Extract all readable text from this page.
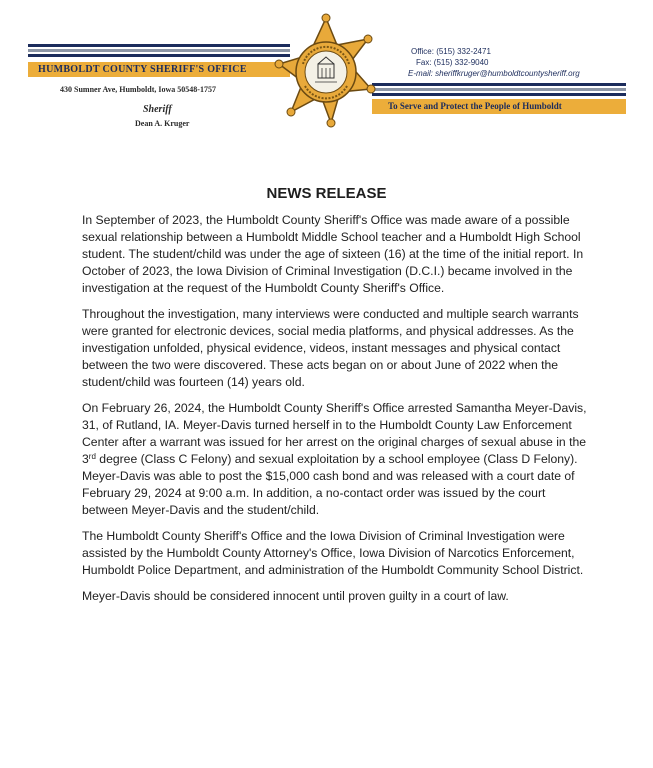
HUMBOLDT COUNTY SHERIFF'S OFFICE
430 Sumner Ave, Humboldt, Iowa 50548-1757
Sheriff
Dean A. Kruger
Office: (515) 332-2471
Fax: (515) 332-9040
E-mail: sheriffkruger@humboldtcountysheriff.org
To Serve and Protect the People of Humboldt
NEWS RELEASE

In September of 2023, the Humboldt County Sheriff's Office was made aware of a possible sexual relationship between a Humboldt Middle School teacher and a Humboldt High School student. The student/child was under the age of sixteen (16) at the time of the initial report. In October of 2023, the Iowa Division of Criminal Investigation (D.C.I.) became involved in the investigation at the request of the Humboldt County Sheriff's Office.

Throughout the investigation, many interviews were conducted and multiple search warrants were granted for electronic devices, social media platforms, and physical addresses. As the investigation unfolded, physical evidence, videos, instant messages and physical contact between the two were discovered. These acts began on or about June of 2022 when the student/child was fourteen (14) years old.

On February 26, 2024, the Humboldt County Sheriff's Office arrested Samantha Meyer-Davis, 31, of Rutland, IA. Meyer-Davis turned herself in to the Humboldt County Law Enforcement Center after a warrant was issued for her arrest on the original charges of sexual abuse in the 3rd degree (Class C Felony) and sexual exploitation by a school employee (Class D Felony). Meyer-Davis was able to post the $15,000 cash bond and was released with a court date of February 29, 2024 at 9:00 a.m. In addition, a no-contact order was issued by the court between Meyer-Davis and the student/child.

The Humboldt County Sheriff's Office and the Iowa Division of Criminal Investigation were assisted by the Humboldt County Attorney's Office, Iowa Division of Narcotics Enforcement, Humboldt Police Department, and administration of the Humboldt Community School District.

Meyer-Davis should be considered innocent until proven guilty in a court of law.
